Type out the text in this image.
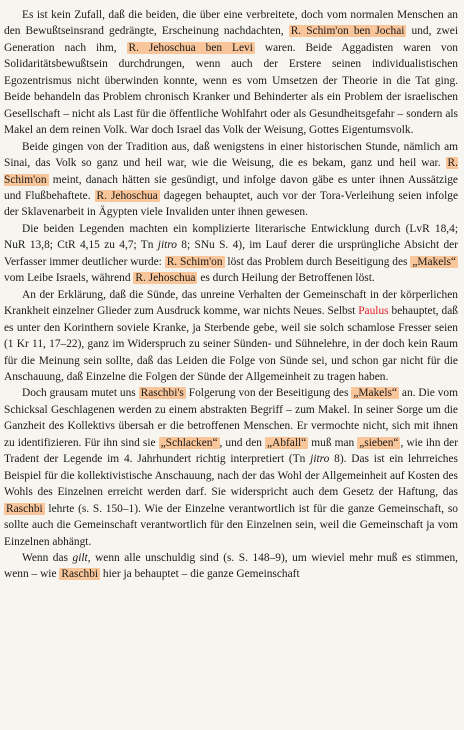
Es ist kein Zufall, daß die beiden, die über eine verbreitete, doch vom normalen Menschen an den Bewußtseinsrand gedrängte, Erscheinung nachdachten, R. Schim'on ben Jochai und, zwei Generation nach ihm, R. Jehoschua ben Levi waren. Beide Aggadisten waren von Solidaritätsbewußtsein durchdrungen, wenn auch der Erstere seinen individualistischen Egozentrismus nicht überwinden konnte, wenn es vom Umsetzen der Theorie in die Tat ging. Beide behandeln das Problem chronisch Kranker und Behinderter als ein Problem der israelischen Gesellschaft – nicht als Last für die öffentliche Wohlfahrt oder als Gesundheitsgefahr – sondern als Makel an dem reinen Volk. War doch Israel das Volk der Weisung, Gottes Eigentumsvolk.

Beide gingen von der Tradition aus, daß wenigstens in einer historischen Stunde, nämlich am Sinai, das Volk so ganz und heil war, wie die Weisung, die es bekam, ganz und heil war. R. Schim'on meint, danach hätten sie gesündigt, und infolge davon gäbe es unter ihnen Aussätzige und Flußbehaftete. R. Jehoschua dagegen behauptet, auch vor der Tora-Verleihung seien infolge der Sklavenarbeit in Ägypten viele Invaliden unter ihnen gewesen.

Die beiden Legenden machten ein komplizierte literarische Entwicklung durch (LvR 18,4; NuR 13,8; CtR 4,15 zu 4,7; Tn jitro 8; SNu S. 4), im Lauf derer die ursprüngliche Absicht der Verfasser immer deutlicher wurde: R. Schim'on löst das Problem durch Beseitigung des „Makels“ vom Leibe Israels, während R. Jehoschua es durch Heilung der Betroffenen löst.

An der Erklärung, daß die Sünde, das unreine Verhalten der Gemeinschaft in der körperlichen Krankheit einzelner Glieder zum Ausdruck komme, war nichts Neues. Selbst Paulus behauptet, daß es unter den Korinthern soviele Kranke, ja Sterbende gebe, weil sie solch schamlose Fresser seien (1 Kr 11, 17–22), ganz im Widerspruch zu seiner Sünden- und Sühnelehre, in der doch kein Raum für die Meinung sein sollte, daß das Leiden die Folge von Sünde sei, und schon gar nicht für die Anschauung, daß Einzelne die Folgen der Sünde der Allgemeinheit zu tragen haben.

Doch grausam mutet uns Raschbi's Folgerung von der Beseitigung des „Makels“ an. Die vom Schicksal Geschlagenen werden zu einem abstrakten Begriff – zum Makel. In seiner Sorge um die Ganzheit des Kollektivs übersah er die betroffenen Menschen. Er vermochte nicht, sich mit ihnen zu identifizieren. Für ihn sind sie „Schlacken“ , und den „Abfall“ muß man „sieben“ , wie ihn der Tradent der Legende im 4. Jahrhundert richtig interpretiert (Tn jitro 8). Das ist ein lehrreiches Beispiel für die kollektivistische Anschauung, nach der das Wohl der Allgemeinheit auf Kosten des Wohls des Einzelnen erreicht werden darf. Sie widerspricht auch dem Gesetz der Haftung, das Raschbi lehrte (s. S. 150–1). Wie der Einzelne verantwortlich ist für die ganze Gemeinschaft, so sollte auch die Gemeinschaft verantwortlich für den Einzelnen sein, weil die Gemeinschaft ja vom Einzelnen abhängt.

Wenn das gilt, wenn alle unschuldig sind (s. S. 148–9), um wieviel mehr muß es stimmen, wenn – wie Raschbi hier ja behauptet – die ganze Gemeinschaft
